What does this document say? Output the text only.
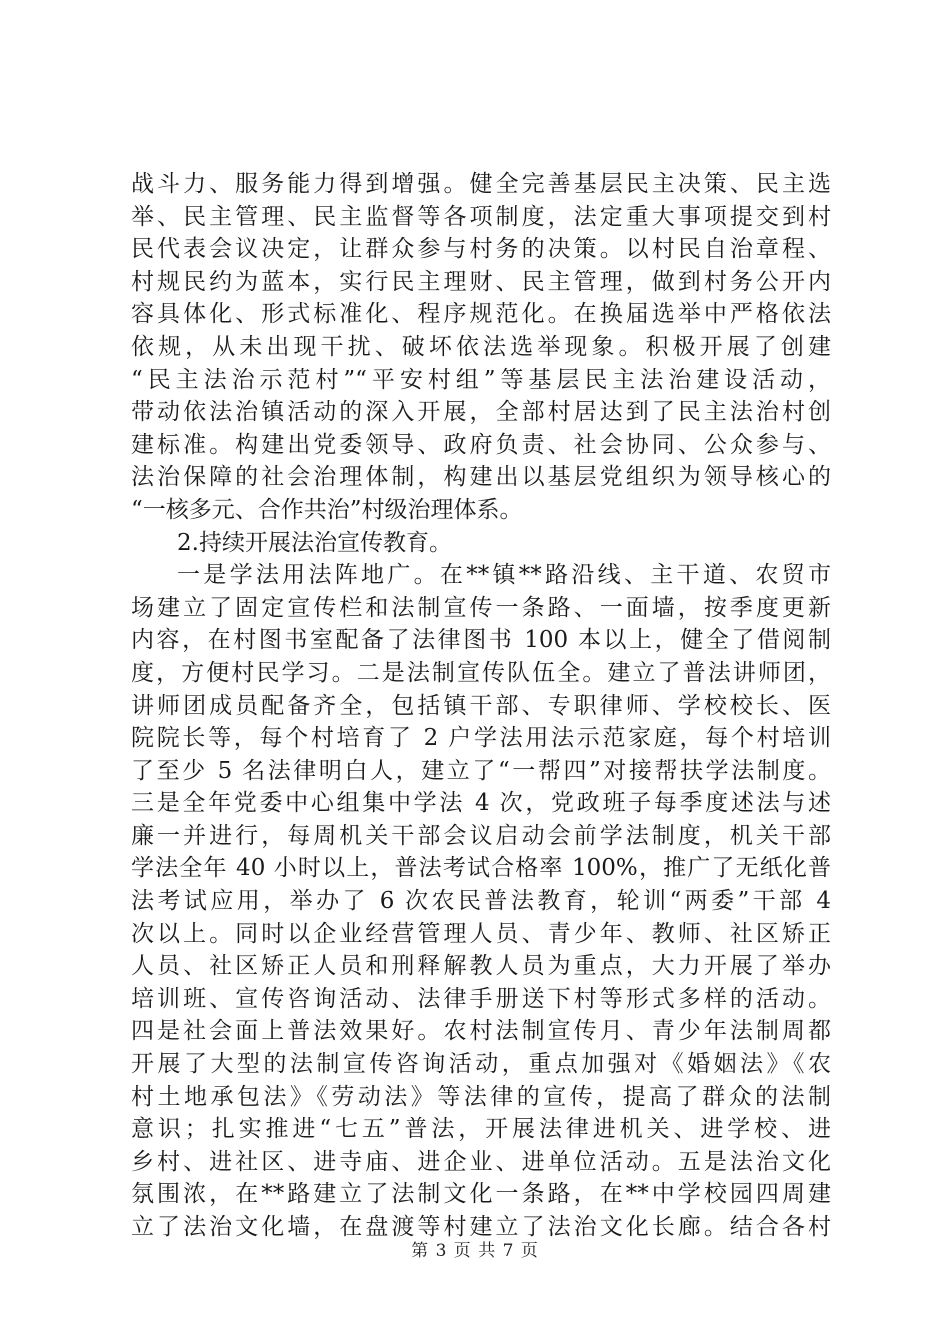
战斗力、服务能力得到增强。健全完善基层民主决策、民主选
举、民主管理、民主监督等各项制度，法定重大事项提交到村
民代表会议决定，让群众参与村务的决策。以村民自治章程、
村规民约为蓝本，实行民主理财、民主管理，做到村务公开内
容具体化、形式标准化、程序规范化。在换届选举中严格依法
依规，从未出现干扰、破坏依法选举现象。积极开展了创建
“民主法治示范村”“平安村组”等基层民主法治建设活动，
带动依法治镇活动的深入开展，全部村居达到了民主法治村创
建标准。构建出党委领导、政府负责、社会协同、公众参与、
法治保障的社会治理体制，构建出以基层党组织为领导核心的
“一核多元、合作共治”村级治理体系。
2.持续开展法治宣传教育。
一是学法用法阵地广。在**镇**路沿线、主干道、农贸市
场建立了固定宣传栏和法制宣传一条路、一面墙，按季度更新
内容，在村图书室配备了法律图书 100 本以上，健全了借阅制
度，方便村民学习。二是法制宣传队伍全。建立了普法讲师团，
讲师团成员配备齐全，包括镇干部、专职律师、学校校长、医
院院长等，每个村培育了 2 户学法用法示范家庭，每个村培训
了至少 5 名法律明白人，建立了“一帮四”对接帮扶学法制度。
三是全年党委中心组集中学法 4 次，党政班子每季度述法与述
廉一并进行，每周机关干部会议启动会前学法制度，机关干部
学法全年 40 小时以上，普法考试合格率 100%，推广了无纸化普
法考试应用，举办了 6 次农民普法教育，轮训“两委”干部 4
次以上。同时以企业经营管理人员、青少年、教师、社区矫正
人员、社区矫正人员和刑释解教人员为重点，大力开展了举办
培训班、宣传咨询活动、法律手册送下村等形式多样的活动。
四是社会面上普法效果好。农村法制宣传月、青少年法制周都
开展了大型的法制宣传咨询活动，重点加强对《婚姻法》《农
村土地承包法》《劳动法》等法律的宣传，提高了群众的法制
意识；扎实推进“七五”普法，开展法律进机关、进学校、进
乡村、进社区、进寺庙、进企业、进单位活动。五是法治文化
氛围浓，在**路建立了法制文化一条路，在**中学校园四周建
立了法治文化墙，在盘渡等村建立了法治文化长廊。结合各村
第 3 页 共 7 页
